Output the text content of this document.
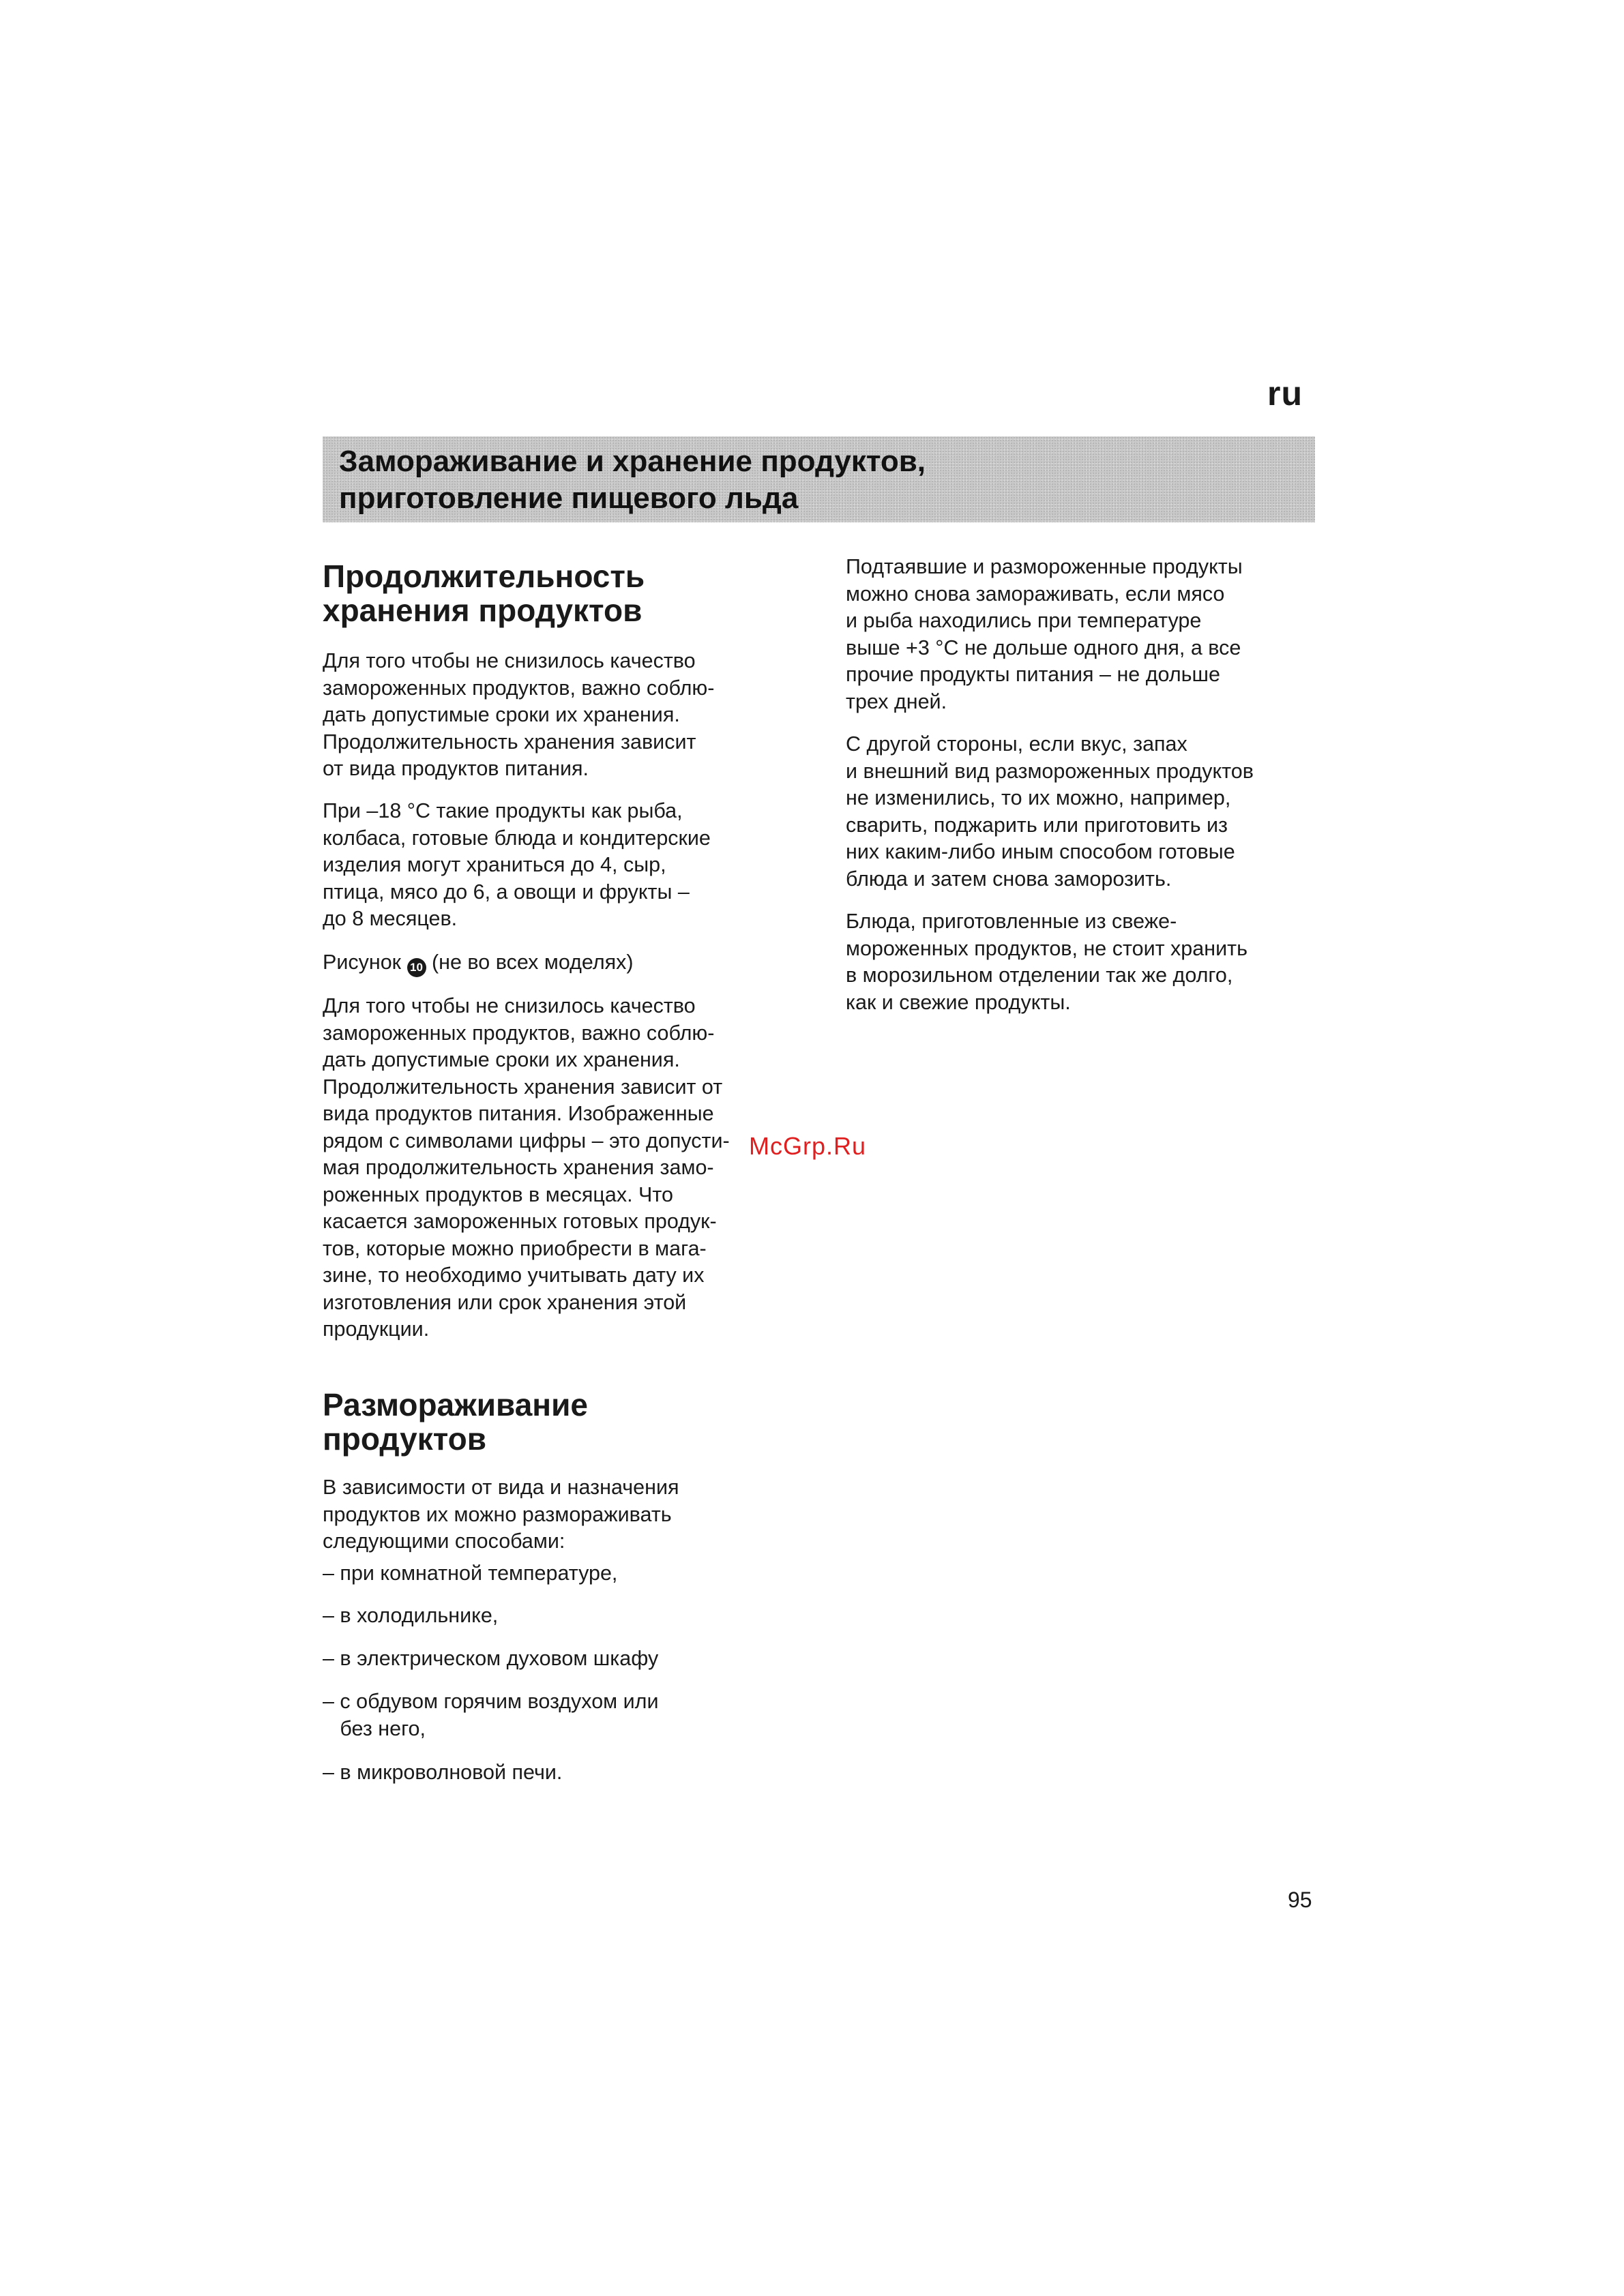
ru
Замораживание и хранение продуктов,
приготовление пищевого льда
Продолжительность
хранения продуктов

Для того чтобы не снизилось качество
замороженных продуктов, важно соблю-
дать допустимые сроки их хранения.
Продолжительность хранения зависит
от вида продуктов питания.

При –18 °C такие продукты как рыба,
колбаса, готовые блюда и кондитерские
изделия могут храниться до 4, сыр,
птица, мясо до 6, а овощи и фрукты –
до 8 месяцев.

Рисунок 10 (не во всех моделях)

Для того чтобы не снизилось качество
замороженных продуктов, важно соблю-
дать допустимые сроки их хранения.
Продолжительность хранения зависит от
вида продуктов питания. Изображенные
рядом с символами цифры – это допусти-
мая продолжительность хранения замо-
роженных продуктов в месяцах. Что
касается замороженных готовых продук-
тов, которые можно приобрести в мага-
зине, то необходимо учитывать дату их
изготовления или срок хранения этой
продукции.

Размораживание
продуктов

В зависимости от вида и назначения
продуктов их можно размораживать
следующими способами:

– при комнатной температуре,

– в холодильнике,

– в электрическом духовом шкафу

– с обдувом горячим воздухом или
без него,

– в микроволновой печи.

Подтаявшие и размороженные продукты
можно снова замораживать, если мясо
и рыба находились при температуре
выше +3 °C не дольше одного дня, а все
прочие продукты питания – не дольше
трех дней.

С другой стороны, если вкус, запах
и внешний вид размороженных продуктов
не изменились, то их можно, например,
сварить, поджарить или приготовить из
них каким-либо иным способом готовые
блюда и затем снова заморозить.

Блюда, приготовленные из свеже-
мороженных продуктов, не стоит хранить
в морозильном отделении так же долго,
как и свежие продукты.

McGrp.Ru
95
